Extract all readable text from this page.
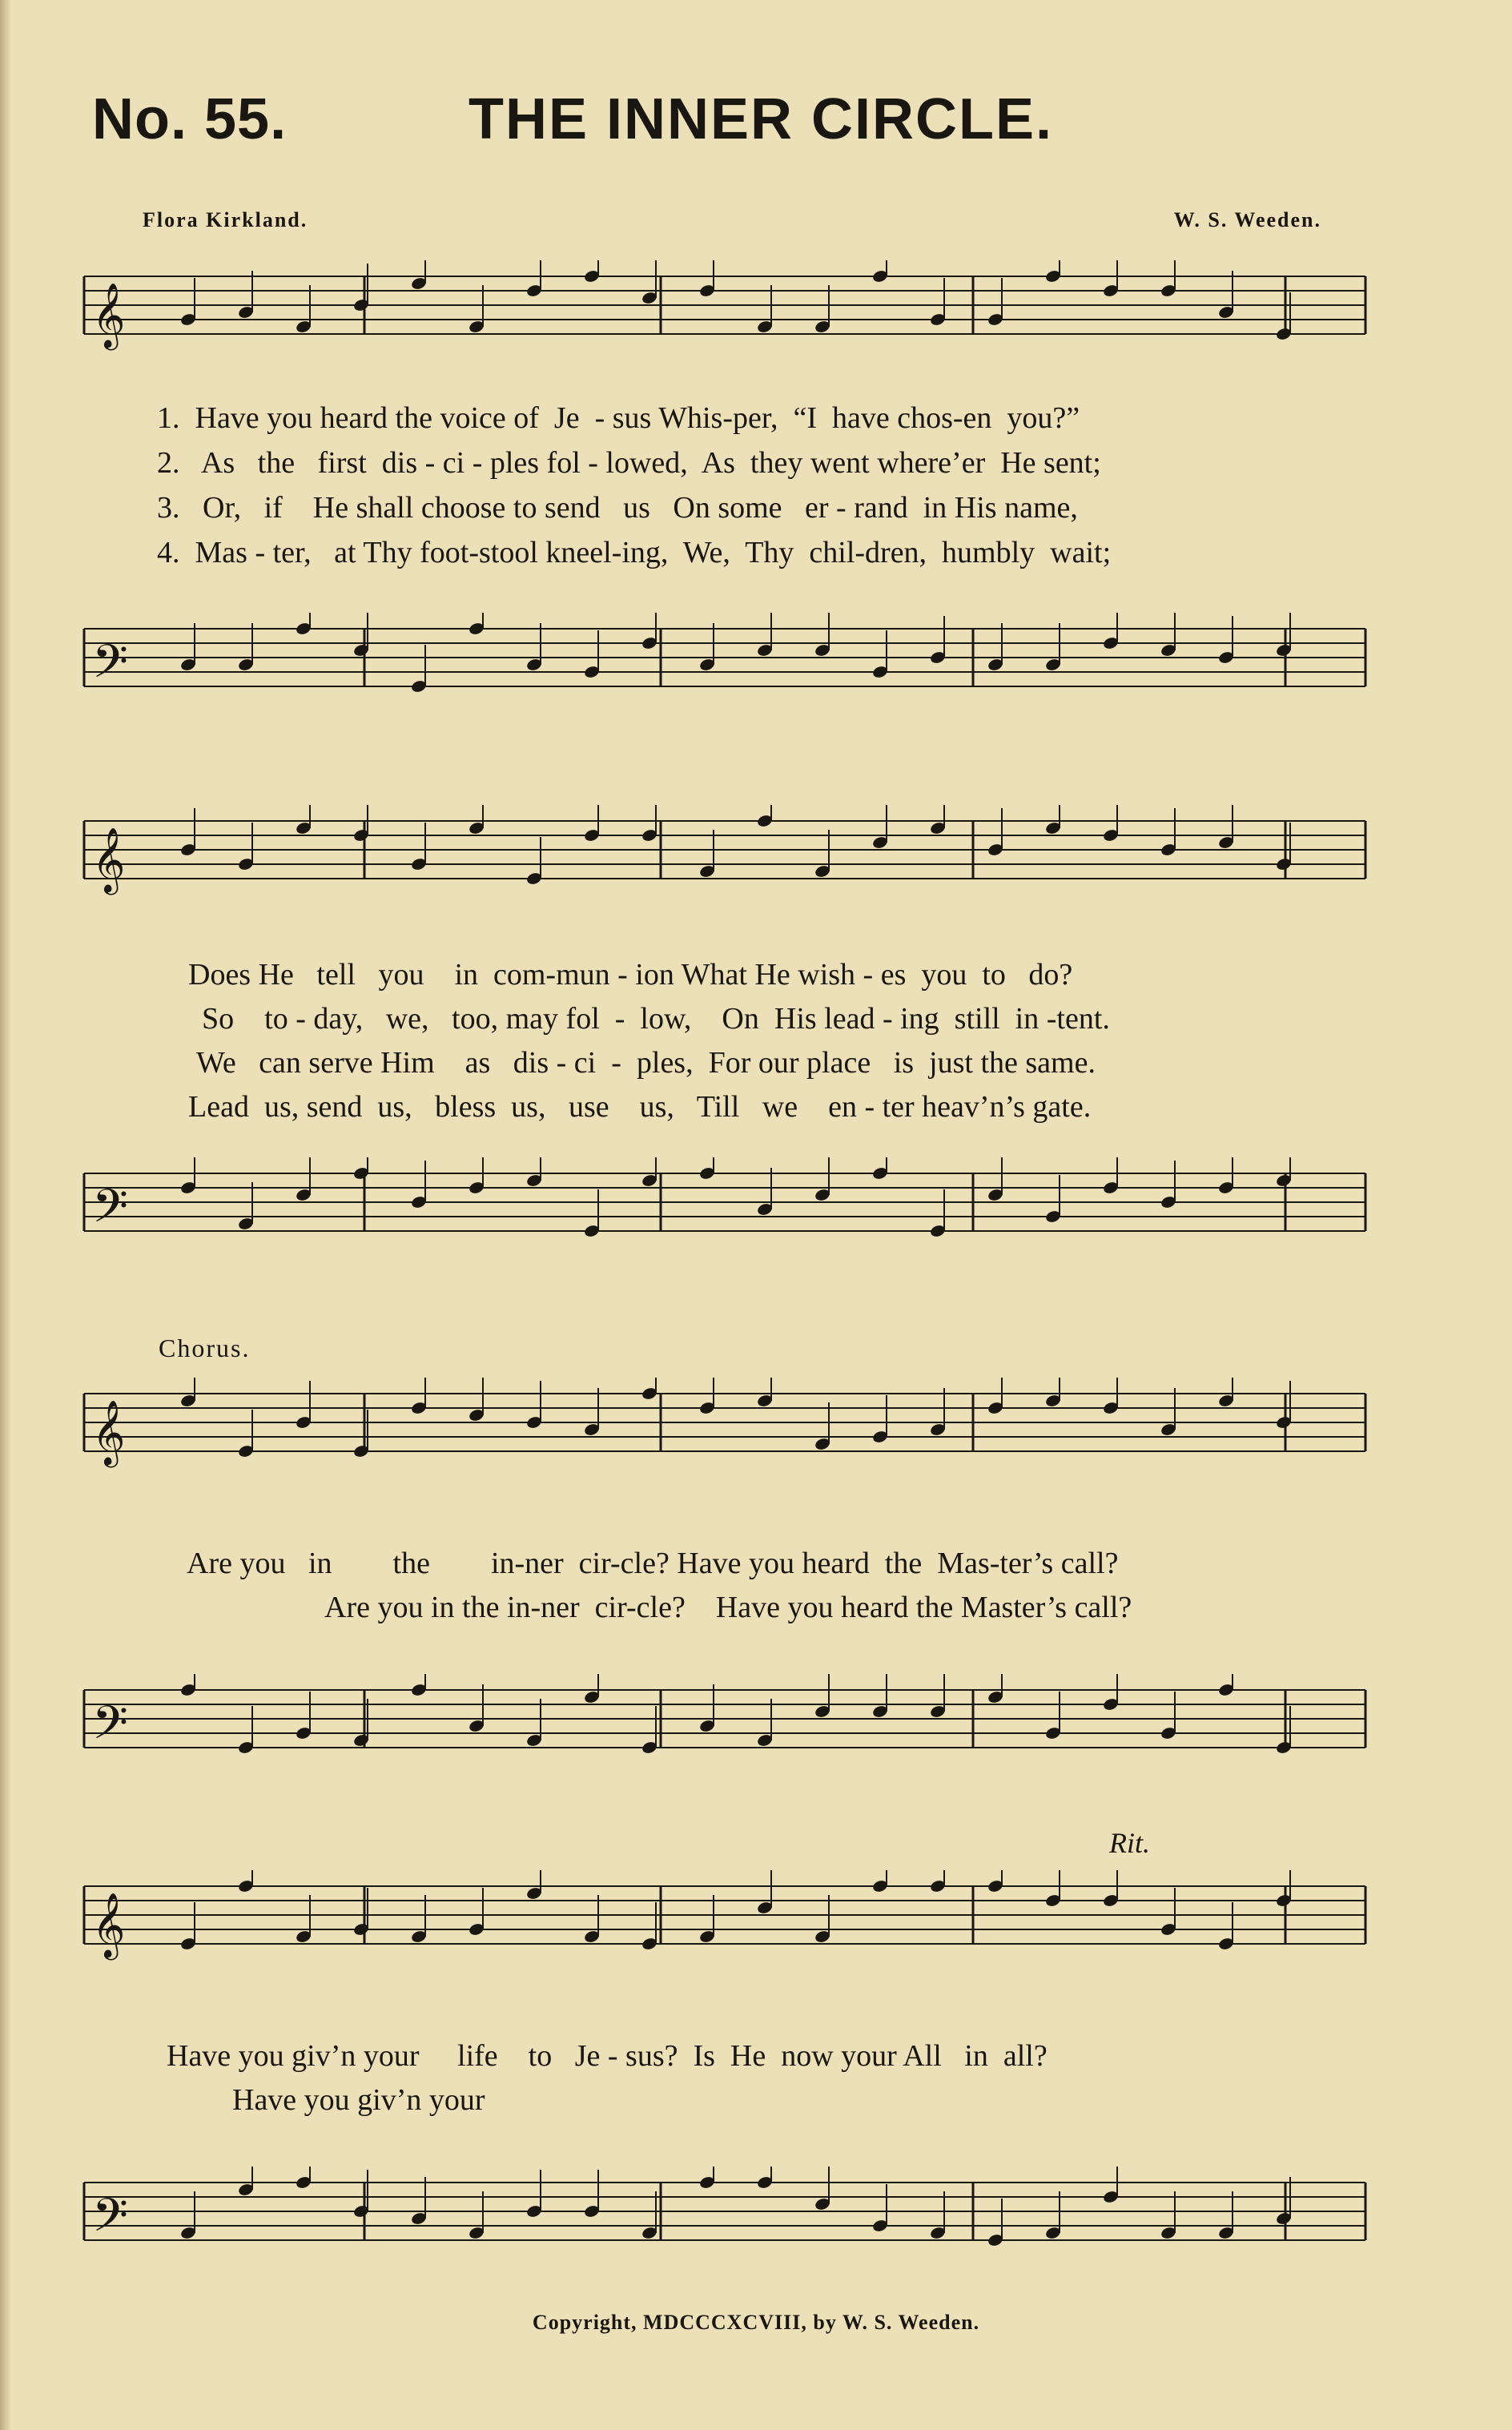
No. 55.	THE INNER CIRCLE.
Flora Kirkland.	W. S. Weeden.
𝄞
𝄢
1.  Have you heard the voice of  Je  - sus Whis-per,  “I  have chos-en  you?”
2.   As   the   first  dis - ci - ples fol - lowed,  As  they went where’er  He sent;
3.   Or,   if    He shall choose to send   us   On some   er - rand  in His name,
4.  Mas - ter,   at Thy foot-stool kneel-ing,  We,  Thy  chil-dren,  humbly  wait;
𝄞
𝄢
Does He   tell   you    in  com-mun - ion What He wish - es  you  to   do?
So    to - day,   we,   too, may fol  -  low,    On  His lead - ing  still  in -tent.
We   can serve Him    as   dis - ci  -  ples,  For our place   is  just the same.
Lead  us, send  us,   bless  us,   use    us,   Till   we    en - ter heav’n’s gate.
Chorus.
𝄞
𝄢
Are you   in        the        in-ner  cir-cle? Have you heard  the  Mas-ter’s call?
Are you in the in-ner  cir-cle?    Have you heard the Master’s call?
Rit.
𝄞
𝄢
Have you giv’n your     life    to   Je - sus?  Is  He  now your All   in  all?
Have you giv’n your
Copyright, MDCCCXCVIII, by W. S. Weeden.
